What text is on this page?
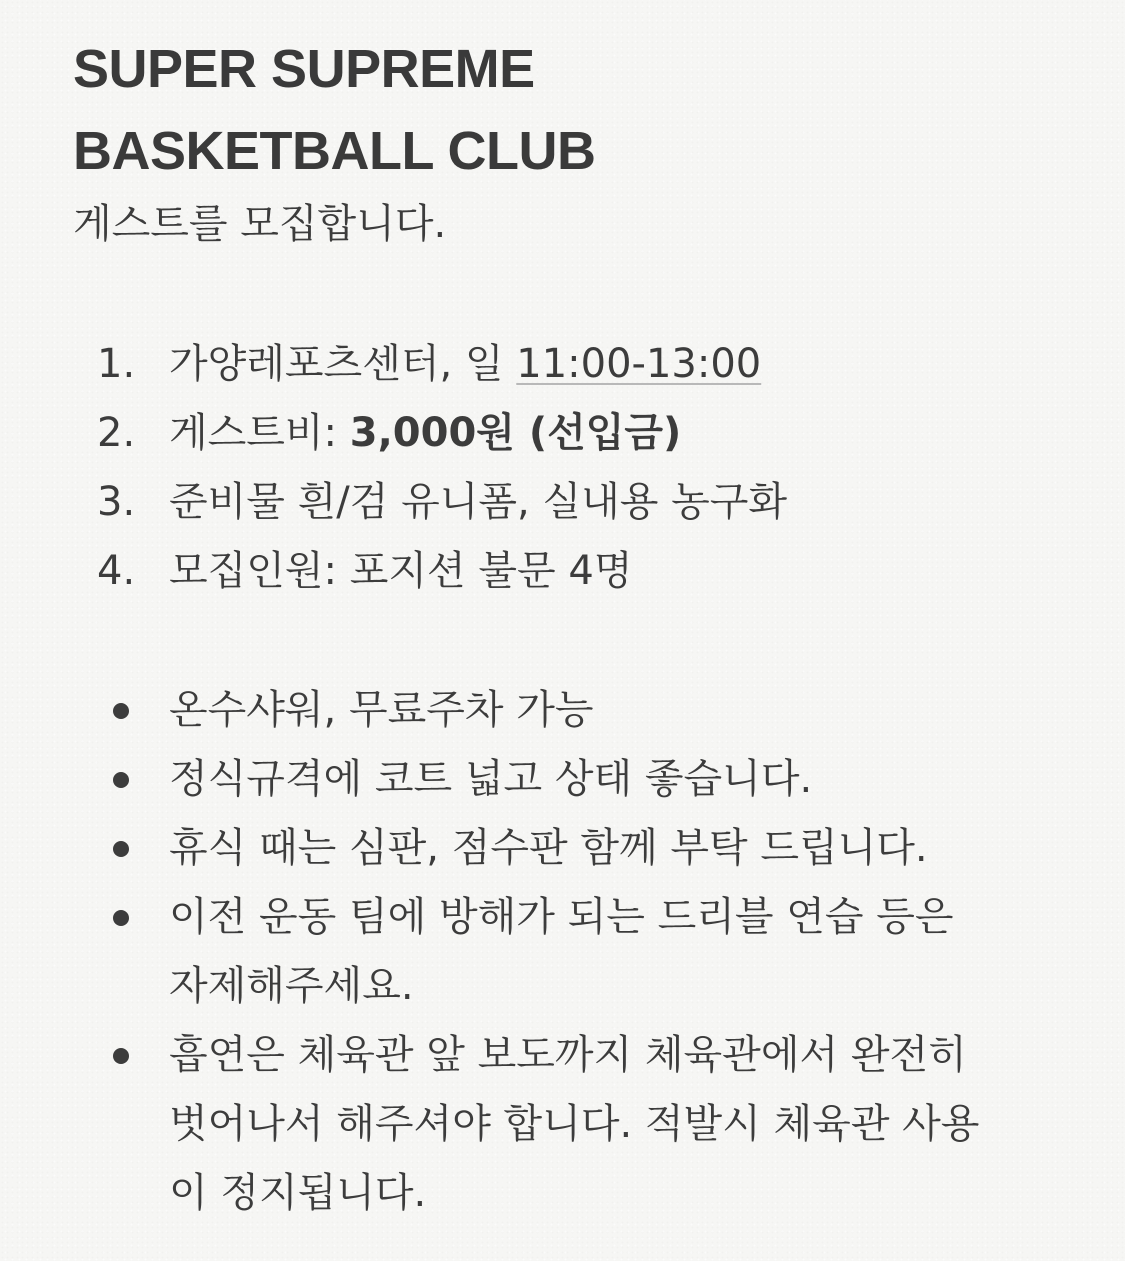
SUPER SUPREME
BASKETBALL CLUB

게스트를 모집합니다.

1. 가양레포츠센터, 일 11:00-13:00
2. 게스트비: 3,000원 (선입금)
3. 준비물 흰/검 유니폼, 실내용 농구화
4. 모집인원: 포지션 불문 4명
온수샤워, 무료주차 가능
정식규격에 코트 넓고 상태 좋습니다.
휴식 때는 심판, 점수판 함께 부탁 드립니다.
이전 운동 팀에 방해가 되는 드리블 연습 등은
자제해주세요.
흡연은 체육관 앞 보도까지 체육관에서 완전히
벗어나서 해주셔야 합니다. 적발시 체육관 사용
이 정지됩니다.
